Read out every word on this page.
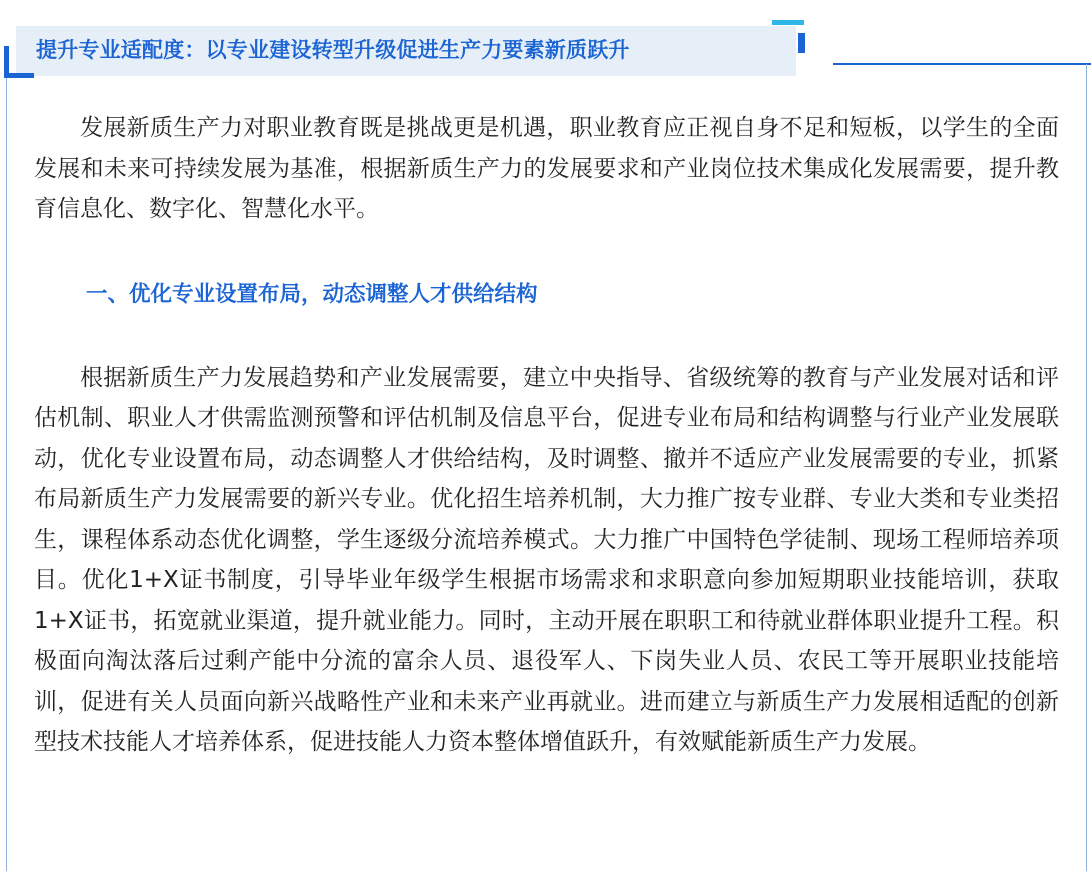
提升专业适配度：以专业建设转型升级促进生产力要素新质跃升

发展新质生产力对职业教育既是挑战更是机遇，职业教育应正视自身不足和短板，以学生的全面发展和未来可持续发展为基准，根据新质生产力的发展要求和产业岗位技术集成化发展需要，提升教育信息化、数字化、智慧化水平。

一、优化专业设置布局，动态调整人才供给结构

根据新质生产力发展趋势和产业发展需要，建立中央指导、省级统筹的教育与产业发展对话和评估机制、职业人才供需监测预警和评估机制及信息平台，促进专业布局和结构调整与行业产业发展联动，优化专业设置布局，动态调整人才供给结构，及时调整、撤并不适应产业发展需要的专业，抓紧布局新质生产力发展需要的新兴专业。优化招生培养机制，大力推广按专业群、专业大类和专业类招生，课程体系动态优化调整，学生逐级分流培养模式。大力推广中国特色学徒制、现场工程师培养项目。优化1+X证书制度，引导毕业年级学生根据市场需求和求职意向参加短期职业技能培训，获取1+X证书，拓宽就业渠道，提升就业能力。同时，主动开展在职职工和待就业群体职业提升工程。积极面向淘汰落后过剩产能中分流的富余人员、退役军人、下岗失业人员、农民工等开展职业技能培训，促进有关人员面向新兴战略性产业和未来产业再就业。进而建立与新质生产力发展相适配的创新型技术技能人才培养体系，促进技能人力资本整体增值跃升，有效赋能新质生产力发展。
